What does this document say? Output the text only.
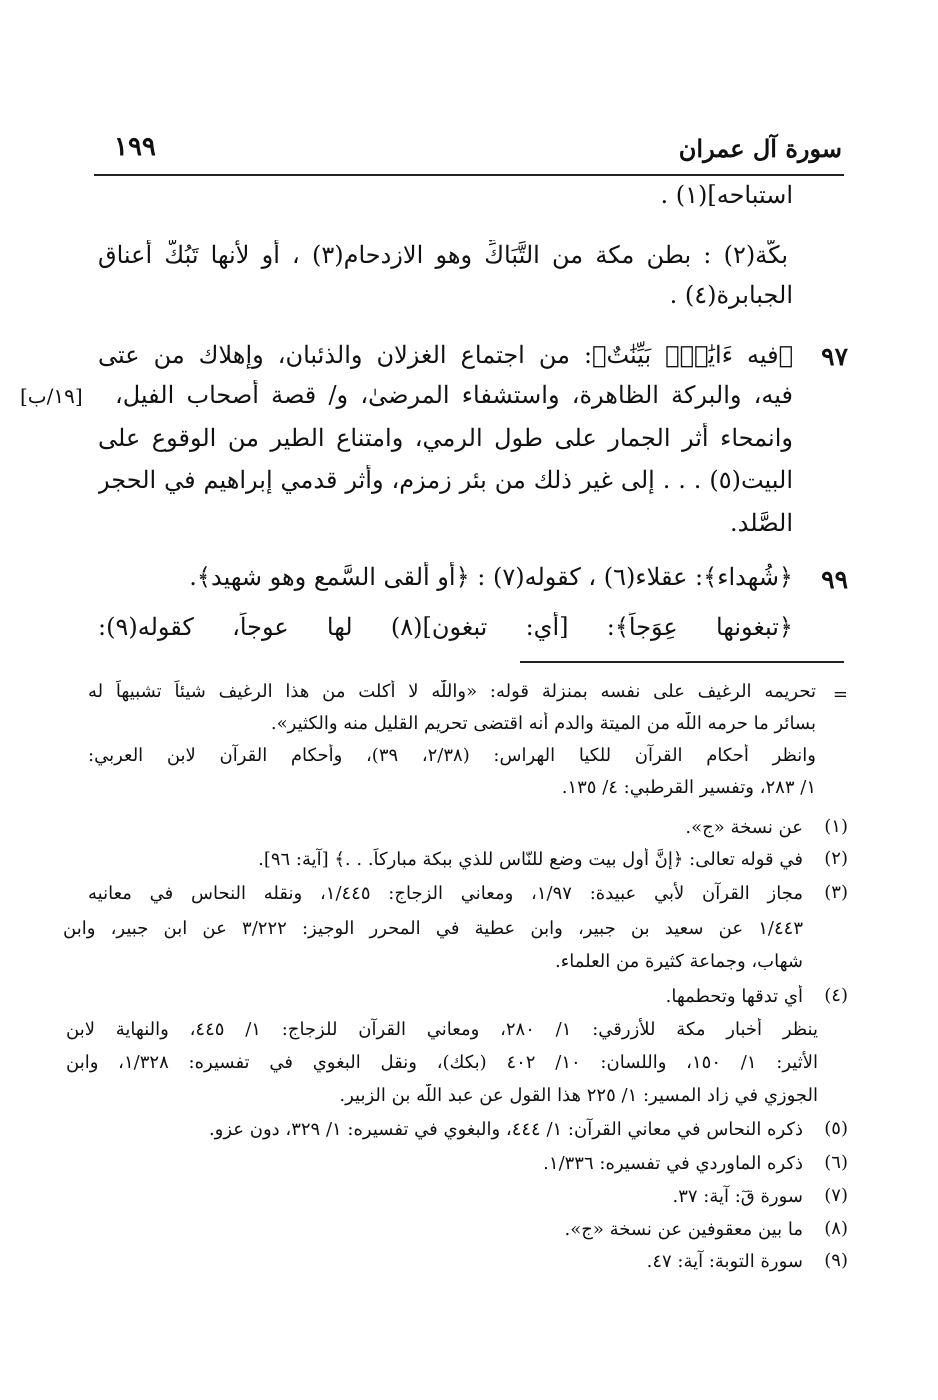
سورة آل عمران
١٩٩
استباحه](١) .
بكّة(٢) : بطن مكة من التَّبَاكِّ وهو الازدحام(٣) ، أو لأنها تَبُكُّ أعناق
الجبابرة(٤) .
٩٧
﴿فيه ءَايَٰتُۢ بَيِّنَٰتٌ﴾: من اجتماع الغزلان والذئبان، وإهلاك من عتى
فيه، والبركة الظاهرة، واستشفاء المرضىٰ، و/ قصة أصحاب الفيل،
[١٩/ب]
وانمحاء أثر الجمار على طول الرمي، وامتناع الطير من الوقوع على
البيت(٥) . . . إلى غير ذلك من بئر زمزم، وأثر قدمي إبراهيم في الحجر
الصَّلد.
٩٩
﴿شُهداء﴾: عقلاء(٦) ، كقوله(٧) : ﴿أو ألقى السَّمع وهو شهيد﴾.
﴿تبغونها عِوَجاً﴾: [أي: تبغون](٨) لها عوجاً، كقوله(٩):
=
تحريمه الرغيف على نفسه بمنزلة قوله: «واللّٰه لا أكلت من هذا الرغيف شيئاً تشبيهاً له
بسائر ما حرمه اللّٰه من الميتة والدم أنه اقتضى تحريم القليل منه والكثير».
وانظر أحكام القرآن للكيا الهراس: (٢/٣٨، ٣٩)، وأحكام القرآن لابن العربي:
١/ ٢٨٣، وتفسير القرطبي: ٤/ ١٣٥.
(١)
عن نسخة «ج».
(٢)
في قوله تعالى: ﴿إنَّ أول بيت وضع للنّاس للذي ببكة مباركاً. . .﴾ [آية: ٩٦].
(٣)
مجاز القرآن لأبي عبيدة: ١/٩٧، ومعاني الزجاج: ١/٤٤٥، ونقله النحاس في معانيه
١/٤٤٣ عن سعيد بن جبير، وابن عطية في المحرر الوجيز: ٣/٢٢٢ عن ابن جبير، وابن
شهاب، وجماعة كثيرة من العلماء.
(٤)
أي تدقها وتحطمها.
ينظر أخبار مكة للأزرقي: ١/ ٢٨٠، ومعاني القرآن للزجاج: ١/ ٤٤٥، والنهاية لابن
الأثير: ١/ ١٥٠، واللسان: ١٠/ ٤٠٢ (بكك)، ونقل البغوي في تفسيره: ١/٣٢٨، وابن
الجوزي في زاد المسير: ١/ ٢٢٥ هذا القول عن عبد اللّٰه بن الزبير.
(٥)
ذكره النحاس في معاني القرآن: ١/ ٤٤٤، والبغوي في تفسيره: ١/ ٣٢٩، دون عزو.
(٦)
ذكره الماوردي في تفسيره: ١/٣٣٦.
(٧)
سورة قٓ: آية: ٣٧.
(٨)
ما بين معقوفين عن نسخة «ج».
(٩)
سورة التوبة: آية: ٤٧.
